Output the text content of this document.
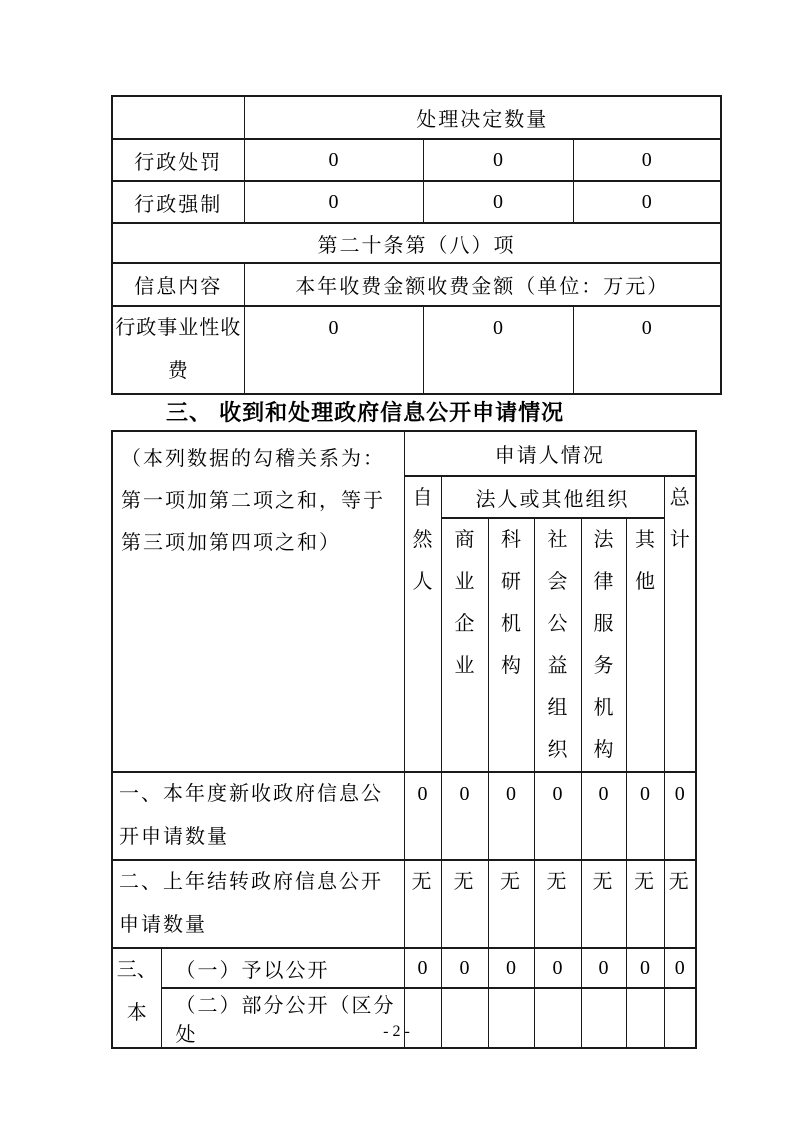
	处理决定数量		
行政处罚	0	0	0
行政强制	0	0	0
第二十条第（八）项			
信息内容	本年收费金额收费金额（单位：万元）		
行政事业性收费	0	0	0
三、 收到和处理政府信息公开申请情况
（本列数据的勾稽关系为：第一项加第二项之和，等于第三项加第四项之和）		申请人情况						
		自然人	法人或其他组织					总计
			商业企业	科研机构	社会公益组织	法律服务机构	其他	
一、本年度新收政府信息公开申请数量		0	0	0	0	0	0	0
二、上年结转政府信息公开申请数量		无	无	无	无	无	无	无
三、本	（一）予以公开	0	0	0	0	0	0	0
	（二）部分公开（区分处								- 2 -
